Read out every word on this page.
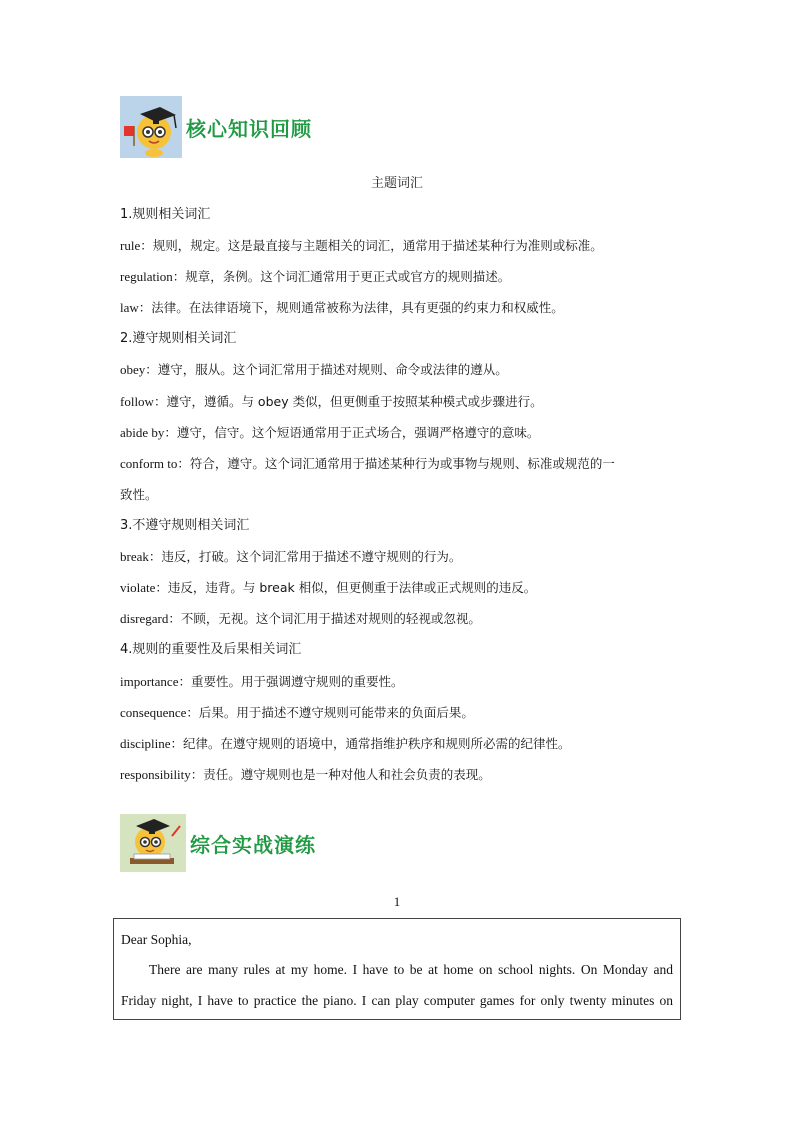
核心知识回顾
主题词汇
1.规则相关词汇
rule：规则，规定。这是最直接与主题相关的词汇，通常用于描述某种行为准则或标准。
regulation：规章，条例。这个词汇通常用于更正式或官方的规则描述。
law：法律。在法律语境下，规则通常被称为法律，具有更强的约束力和权威性。
2.遵守规则相关词汇
obey：遵守，服从。这个词汇常用于描述对规则、命令或法律的遵从。
follow：遵守，遵循。与 obey 类似，但更侧重于按照某种模式或步骤进行。
abide by：遵守，信守。这个短语通常用于正式场合，强调严格遵守的意味。
conform to：符合，遵守。这个词汇通常用于描述某种行为或事物与规则、标准或规范的一
致性。
3.不遵守规则相关词汇
break：违反，打破。这个词汇常用于描述不遵守规则的行为。
violate：违反，违背。与 break 相似，但更侧重于法律或正式规则的违反。
disregard：不顾，无视。这个词汇用于描述对规则的轻视或忽视。
4.规则的重要性及后果相关词汇
importance：重要性。用于强调遵守规则的重要性。
consequence：后果。用于描述不遵守规则可能带来的负面后果。
discipline：纪律。在遵守规则的语境中，通常指维护秩序和规则所必需的纪律性。
responsibility：责任。遵守规则也是一种对他人和社会负责的表现。
综合实战演练
1
Dear Sophia,
There are many rules at my home. I have to be at home on school nights. On Monday and
Friday night, I have to practice the piano. I can play computer games for only twenty minutes on
